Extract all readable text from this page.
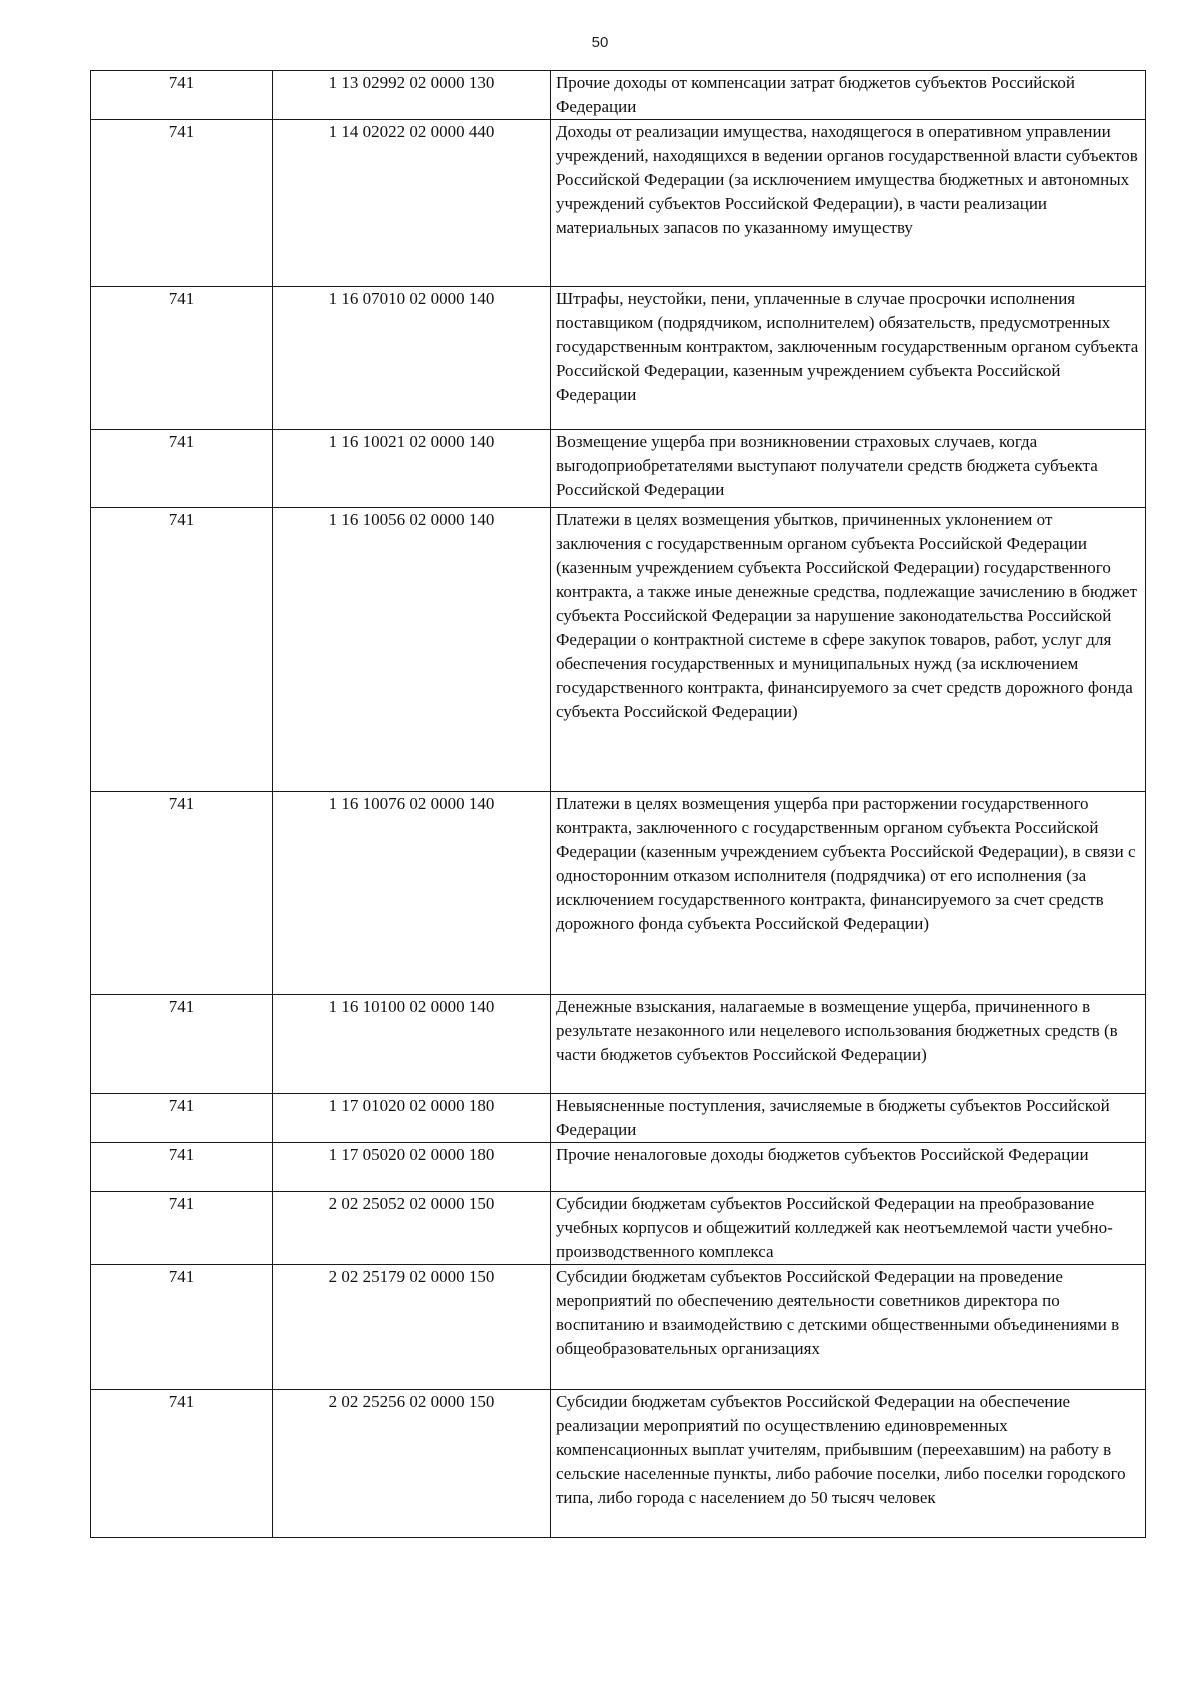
50
741	1 13 02992 02 0000 130	Прочие доходы от компенсации затрат бюджетов субъектов Российской Федерации
741	1 14 02022 02 0000 440	Доходы от реализации имущества, находящегося в оперативном управлении учреждений, находящихся в ведении органов государственной власти субъектов Российской Федерации (за исключением имущества бюджетных и автономных учреждений субъектов Российской Федерации), в части реализации материальных запасов по указанному имуществу
741	1 16 07010 02 0000 140	Штрафы, неустойки, пени, уплаченные в случае просрочки исполнения поставщиком (подрядчиком, исполнителем) обязательств, предусмотренных государственным контрактом, заключенным государственным органом субъекта Российской Федерации, казенным учреждением субъекта Российской Федерации
741	1 16 10021 02 0000 140	Возмещение ущерба при возникновении страховых случаев, когда выгодоприобретателями выступают получатели средств бюджета субъекта Российской Федерации
741	1 16 10056 02 0000 140	Платежи в целях возмещения убытков, причиненных уклонением от заключения с государственным органом субъекта Российской Федерации (казенным учреждением субъекта Российской Федерации) государственного контракта, а также иные денежные средства, подлежащие зачислению в бюджет субъекта Российской Федерации за нарушение законодательства Российской Федерации о контрактной системе в сфере закупок товаров, работ, услуг для обеспечения государственных и муниципальных нужд (за исключением государственного контракта, финансируемого за счет средств дорожного фонда субъекта Российской Федерации)
741	1 16 10076 02 0000 140	Платежи в целях возмещения ущерба при расторжении государственного контракта, заключенного с государственным органом субъекта Российской Федерации (казенным учреждением субъекта Российской Федерации), в связи с односторонним отказом исполнителя (подрядчика) от его исполнения (за исключением государственного контракта, финансируемого за счет средств дорожного фонда субъекта Российской Федерации)
741	1 16 10100 02 0000 140	Денежные взыскания, налагаемые в возмещение ущерба, причиненного в результате незаконного или нецелевого использования бюджетных средств (в части бюджетов субъектов Российской Федерации)
741	1 17 01020 02 0000 180	Невыясненные поступления, зачисляемые в бюджеты субъектов Российской Федерации
741	1 17 05020 02 0000 180	Прочие неналоговые доходы бюджетов субъектов Российской Федерации
741	2 02 25052 02 0000 150	Субсидии бюджетам субъектов Российской Федерации на преобразование учебных корпусов и общежитий колледжей как неотъемлемой части учебно-производственного комплекса
741	2 02 25179 02 0000 150	Субсидии бюджетам субъектов Российской Федерации на проведение мероприятий по обеспечению деятельности советников директора по воспитанию и взаимодействию с детскими общественными объединениями в общеобразовательных организациях
741	2 02 25256 02 0000 150	Субсидии бюджетам субъектов Российской Федерации на обеспечение реализации мероприятий по осуществлению единовременных компенсационных выплат учителям, прибывшим (переехавшим) на работу в сельские населенные пункты, либо рабочие поселки, либо поселки городского типа, либо города с населением до 50 тысяч человек
